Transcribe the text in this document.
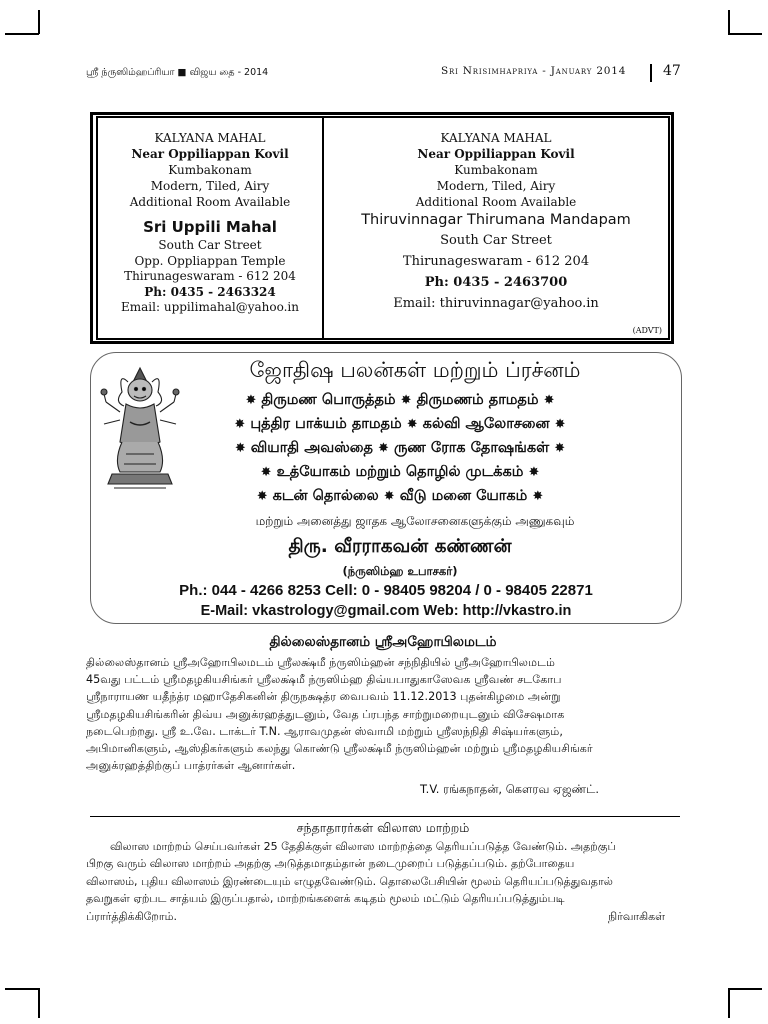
ஸ்ரீ ந்ருஸிம்ஹப்ரியா ■ விஜய தை - 2014	Sri Nrisimhapriya - January 2014	47
KALYANA MAHAL
Near Oppiliappan Kovil
Kumbakonam
Modern, Tiled, Airy
Additional Room Available
Sri Uppili Mahal
South Car Street
Opp. Oppliappan Temple
Thirunageswaram - 612 204
Ph: 0435 - 2463324
Email: uppilimahal@yahoo.in
KALYANA MAHAL
Near Oppiliappan Kovil
Kumbakonam
Modern, Tiled, Airy
Additional Room Available
Thiruvinnagar Thirumana Mandapam
South Car Street
Thirunageswaram - 612 204
Ph: 0435 - 2463700
Email: thiruvinnagar@yahoo.in
(ADVT)
ஜோதிஷ பலன்கள் மற்றும் ப்ரச்னம்
✸ திருமண பொருத்தம் ✸ திருமணம் தாமதம் ✸
✸ புத்திர பாக்யம் தாமதம் ✸ கல்வி ஆலோசனை ✸
✸ வியாதி அவஸ்தை ✸ ருண ரோக தோஷங்கள் ✸
✸ உத்யோகம் மற்றும் தொழில் முடக்கம் ✸
✸ கடன் தொல்லை ✸ வீடு மனை யோகம் ✸
மற்றும் அனைத்து ஜாதக ஆலோசனைகளுக்கும் அணுகவும்
திரு. வீரராகவன் கண்ணன்
(ந்ருஸிம்ஹ உபாசகர்)
Ph.: 044 - 4266 8253 Cell: 0 - 98405 98204 / 0 - 98405 22871
E-Mail: vkastrology@gmail.com Web: http://vkastro.in
தில்லைஸ்தானம் ஸ்ரீஅஹோபிலமடம்
தில்லைஸ்தானம் ஸ்ரீஅஹோபிலமடம் ஸ்ரீலக்ஷ்மீ ந்ருஸிம்ஹன் சந்நிதியில் ஸ்ரீஅஹோபிலமடம்
45வது பட்டம் ஸ்ரீமதழகியசிங்கர் ஸ்ரீலக்ஷ்மீ ந்ருஸிம்ஹ திவ்யபாதுகாஸேவக ஸ்ரீவண் சடகோப
ஸ்ரீநாராயண யதீந்த்ர மஹாதேசிகனின் திருநக்ஷத்ர வைபவம் 11.12.2013 புதன்கிழமை அன்று
ஸ்ரீமதழகியசிங்கரின் திவ்ய அனுக்ரஹத்துடனும், வேத ப்ரபந்த சாற்றுமறையுடனும் விசேஷமாக
நடைபெற்றது. ஸ்ரீ உ.வே. டாக்டர் T.N. ஆராவமுதன் ஸ்வாமி மற்றும் ஸ்ரீஸந்நிதி சிஷ்யர்களும்,
அபிமானிகளும், ஆஸ்திகர்களும் கலந்து கொண்டு ஸ்ரீலக்ஷ்மீ ந்ருஸிம்ஹன் மற்றும் ஸ்ரீமதழகியசிங்கர்
அனுக்ரஹத்திற்குப் பாத்ரர்கள் ஆனார்கள்.
T.V. ரங்கநாதன், கௌரவ ஏஜண்ட்.
சந்தாதாரர்கள் விலாஸ மாற்றம்
விலாஸ மாற்றம் செய்பவர்கள் 25 தேதிக்குள் விலாஸ மாற்றத்தை தெரியப்படுத்த வேண்டும். அதற்குப்
பிறகு வரும் விலாஸ மாற்றம் அதற்கு அடுத்தமாதம்தான் நடைமுறைப் படுத்தப்படும். தற்போதைய
விலாஸம், புதிய விலாஸம் இரண்டையும் எழுதவேண்டும். தொலைபேசியின் மூலம் தெரியப்படுத்துவதால்
தவறுகள் ஏற்பட சாத்யம் இருப்பதால், மாற்றங்களைக் கடிதம் மூலம் மட்டும் தெரியப்படுத்தும்படி
ப்ரார்த்திக்கிறோம்.	நிர்வாகிகள்
